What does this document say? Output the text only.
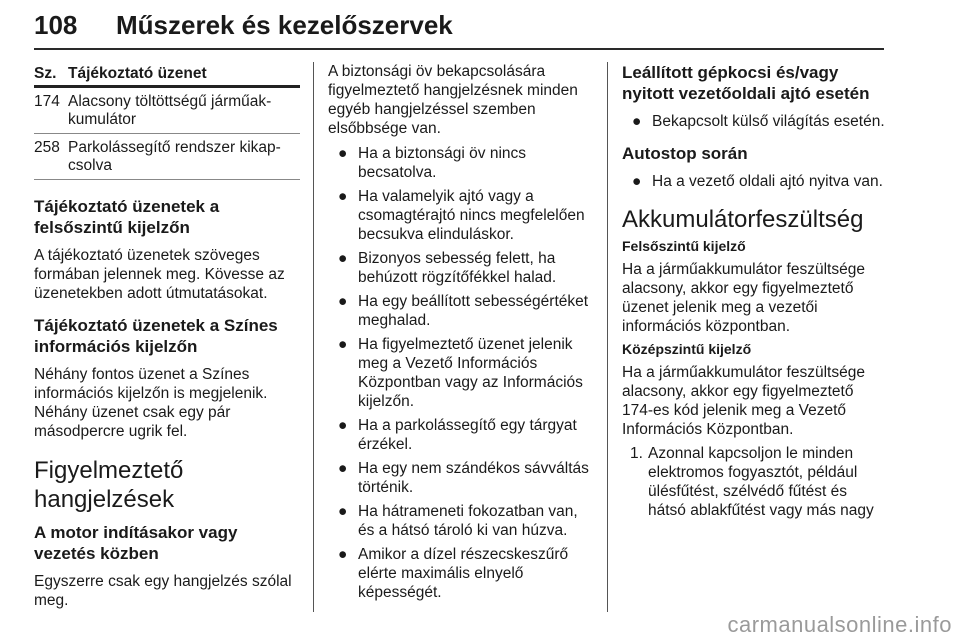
108 Műszerek és kezelőszervek
Sz.	Tájékoztató üzenet
174	Alacsony töltöttségű járműak-
kumulátor
258	Parkolássegítő rendszer kikap-
csolva
Tájékoztató üzenetek a felsőszintű kijelzőn

A tájékoztató üzenetek szöveges formában jelennek meg. Kövesse az üzenetekben adott útmutatásokat.

Tájékoztató üzenetek a Színes információs kijelzőn

Néhány fontos üzenet a Színes információs kijelzőn is megjelenik. Néhány üzenet csak egy pár másodpercre ugrik fel.

Figyelmeztető hangjelzések
A motor indításakor vagy vezetés közben

Egyszerre csak egy hangjelzés szólal meg.

A biztonsági öv bekapcsolására figyelmeztető hangjelzésnek minden egyéb hangjelzéssel szemben elsőbbsége van.

● Ha a biztonsági öv nincs becsatolva.
● Ha valamelyik ajtó vagy a csomagtérajtó nincs megfelelően becsukva elinduláskor.
● Bizonyos sebesség felett, ha behúzott rögzítőfékkel halad.
● Ha egy beállított sebességértéket meghalad.
● Ha figyelmeztető üzenet jelenik meg a Vezető Információs Központban vagy az Információs kijelzőn.
● Ha a parkolássegítő egy tárgyat érzékel.
● Ha egy nem szándékos sávváltás történik.
● Ha hátrameneti fokozatban van, és a hátsó tároló ki van húzva.
● Amikor a dízel részecskeszűrő elérte maximális elnyelő képességét.
Leállított gépkocsi és/vagy nyitott vezetőoldali ajtó esetén
● Bekapcsolt külső világítás esetén.
Autostop során
● Ha a vezető oldali ajtó nyitva van.
Akkumulátorfeszültség
Felsőszintű kijelző

Ha a járműakkumulátor feszültsége alacsony, akkor egy figyelmeztető üzenet jelenik meg a vezetői információs központban.

Középszintű kijelző

Ha a járműakkumulátor feszültsége alacsony, akkor egy figyelmeztető 174-es kód jelenik meg a Vezető Információs Központban.

1. Azonnal kapcsoljon le minden elektromos fogyasztót, például ülésfűtést, szélvédő fűtést és hátsó ablakfűtést vagy más nagy
carmanualsonline.info
